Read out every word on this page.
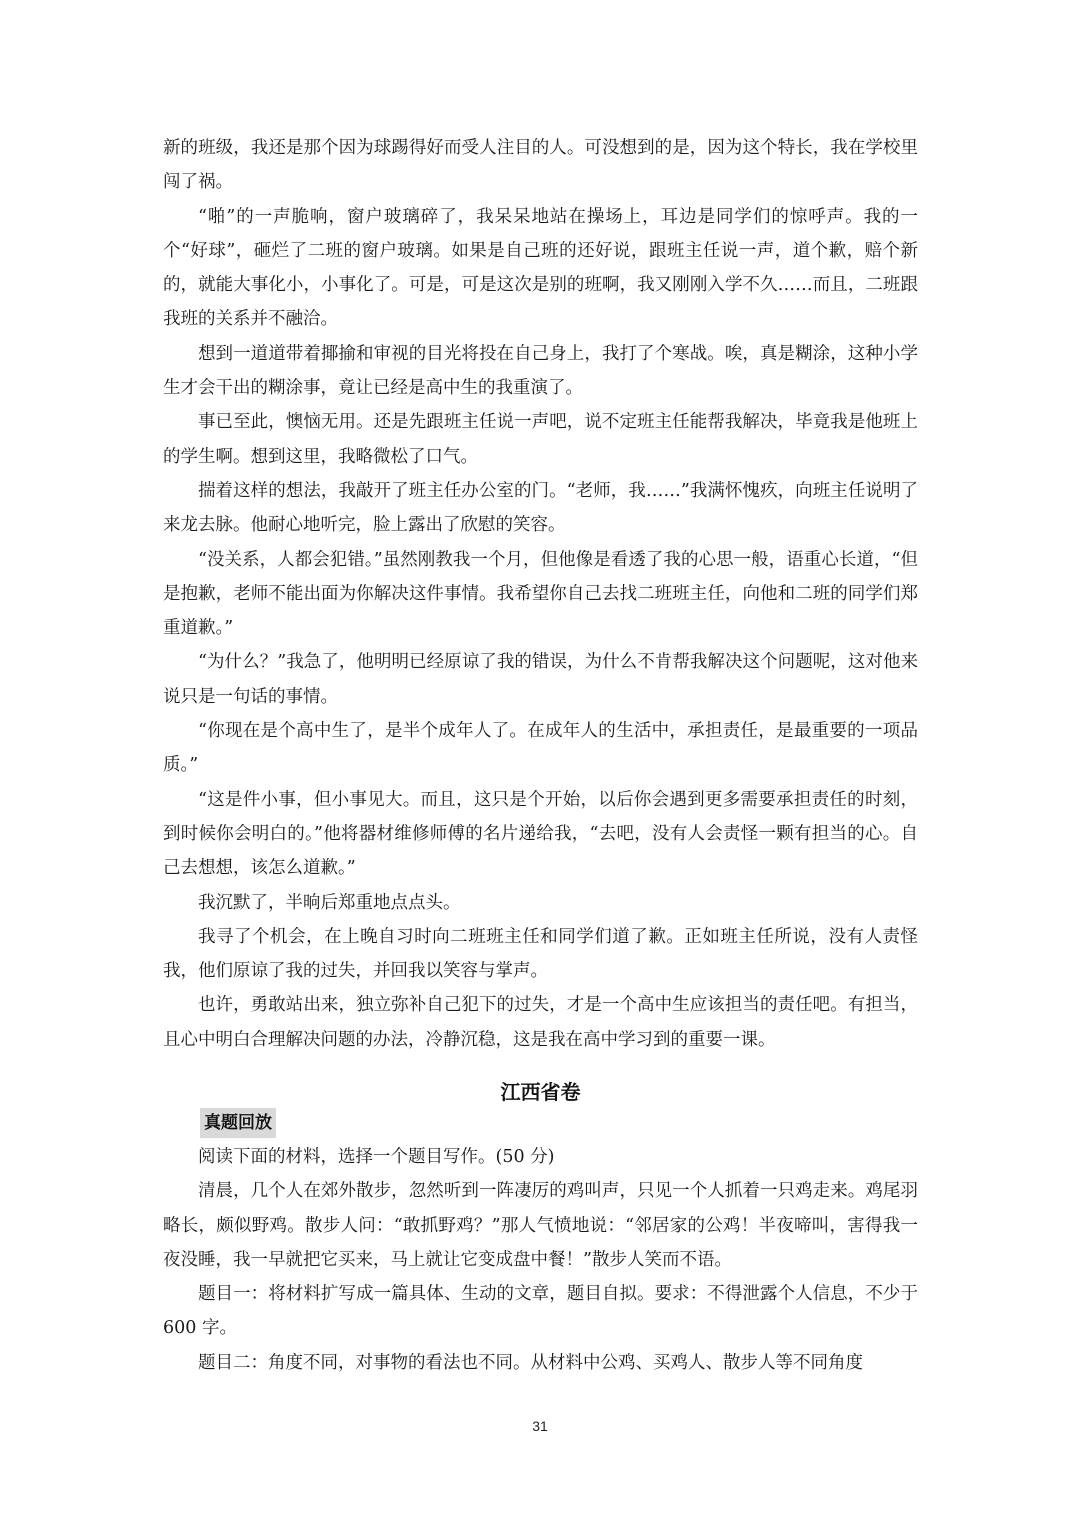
新的班级，我还是那个因为球踢得好而受人注目的人。可没想到的是，因为这个特长，我在学校里闯了祸。

“啪”的一声脆响，窗户玻璃碎了，我呆呆地站在操场上，耳边是同学们的惊呼声。我的一个“好球”，砸烂了二班的窗户玻璃。如果是自己班的还好说，跟班主任说一声，道个歉，赔个新的，就能大事化小，小事化了。可是，可是这次是别的班啊，我又刚刚入学不久……而且，二班跟我班的关系并不融洽。

想到一道道带着揶揄和审视的目光将投在自己身上，我打了个寒战。唉，真是糊涂，这种小学生才会干出的糊涂事，竟让已经是高中生的我重演了。

事已至此，懊恼无用。还是先跟班主任说一声吧，说不定班主任能帮我解决，毕竟我是他班上的学生啊。想到这里，我略微松了口气。

揣着这样的想法，我敲开了班主任办公室的门。“老师，我……”我满怀愧疚，向班主任说明了来龙去脉。他耐心地听完，脸上露出了欣慰的笑容。

“没关系，人都会犯错。”虽然刚教我一个月，但他像是看透了我的心思一般，语重心长道，“但是抱歉，老师不能出面为你解决这件事情。我希望你自己去找二班班主任，向他和二班的同学们郑重道歉。”

“为什么？”我急了，他明明已经原谅了我的错误，为什么不肯帮我解决这个问题呢，这对他来说只是一句话的事情。

“你现在是个高中生了，是半个成年人了。在成年人的生活中，承担责任，是最重要的一项品质。”

“这是件小事，但小事见大。而且，这只是个开始，以后你会遇到更多需要承担责任的时刻，到时候你会明白的。”他将器材维修师傅的名片递给我，“去吧，没有人会责怪一颗有担当的心。自己去想想，该怎么道歉。”

我沉默了，半晌后郑重地点点头。

我寻了个机会，在上晚自习时向二班班主任和同学们道了歉。正如班主任所说，没有人责怪我，他们原谅了我的过失，并回我以笑容与掌声。

也许，勇敢站出来，独立弥补自己犯下的过失，才是一个高中生应该担当的责任吧。有担当，且心中明白合理解决问题的办法，冷静沉稳，这是我在高中学习到的重要一课。

江西省卷
真题回放

阅读下面的材料，选择一个题目写作。(50 分)

清晨，几个人在郊外散步，忽然听到一阵凄厉的鸡叫声，只见一个人抓着一只鸡走来。鸡尾羽略长，颇似野鸡。散步人问：“敢抓野鸡？”那人气愤地说：“邻居家的公鸡！半夜啼叫，害得我一夜没睡，我一早就把它买来，马上就让它变成盘中餐！”散步人笑而不语。

题目一：将材料扩写成一篇具体、生动的文章，题目自拟。要求：不得泄露个人信息，不少于 600 字。

题目二：角度不同，对事物的看法也不同。从材料中公鸡、买鸡人、散步人等不同角度

31
